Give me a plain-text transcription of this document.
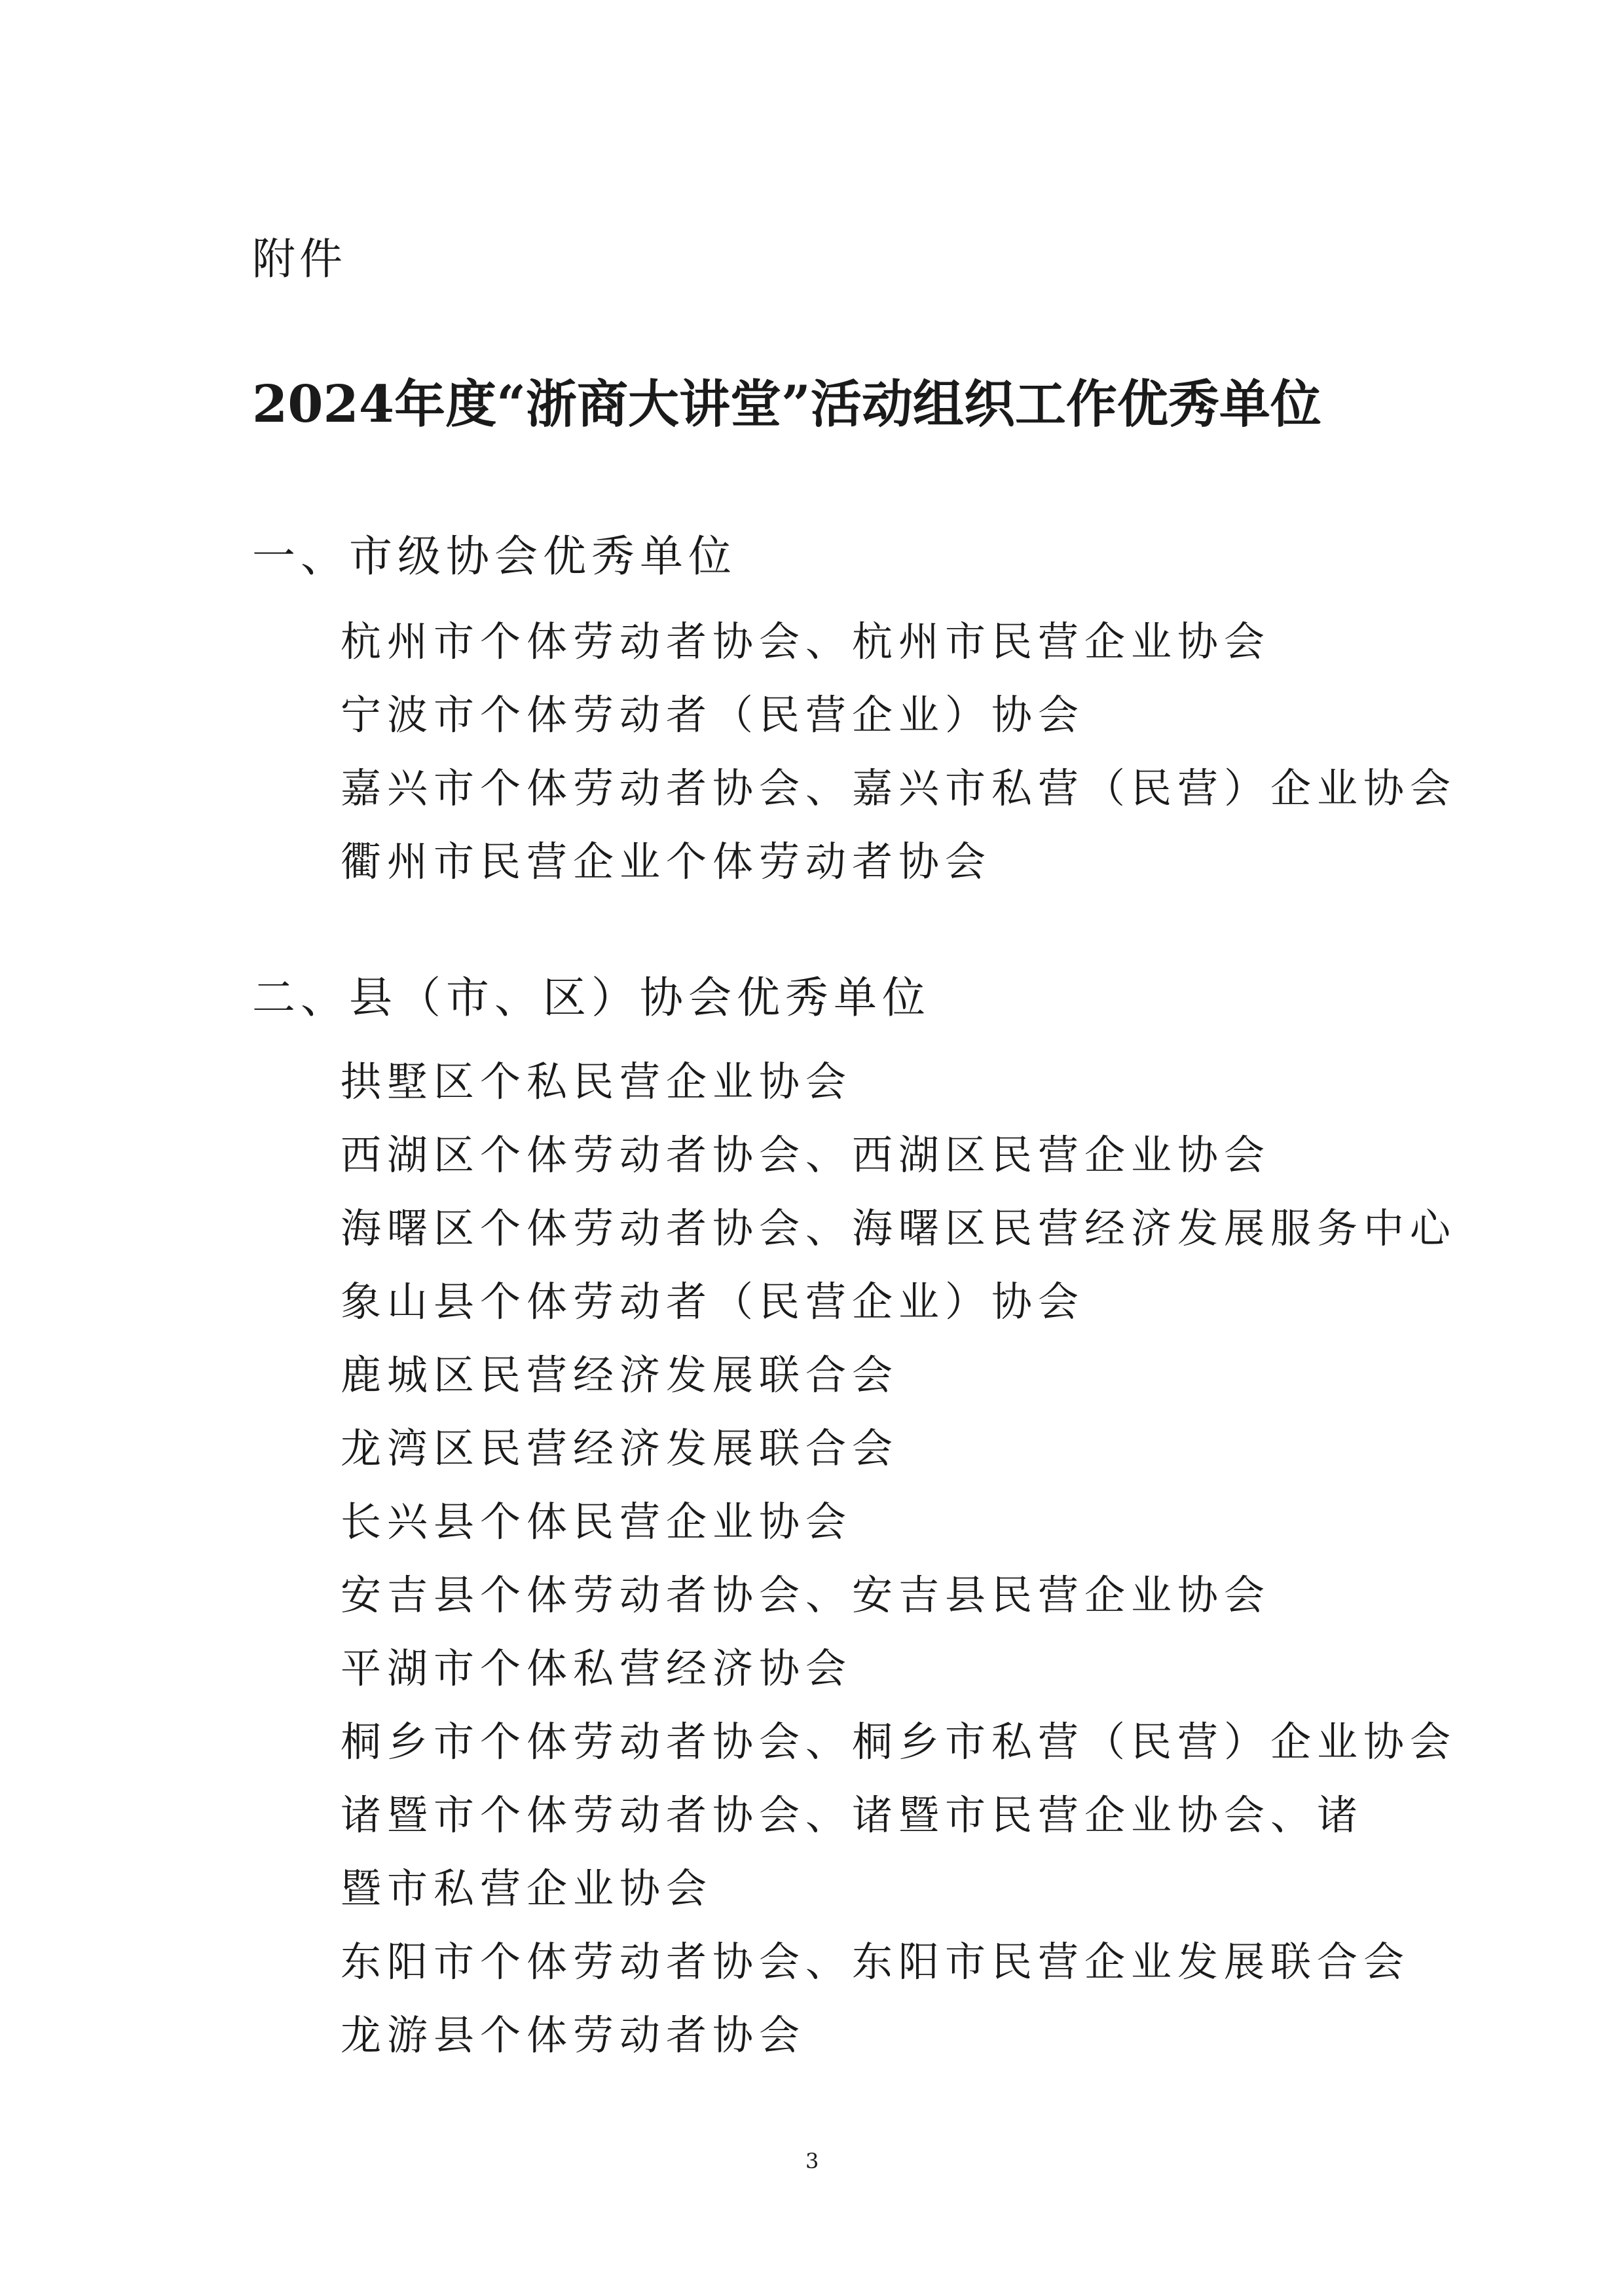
附件
2024年度“浙商大讲堂”活动组织工作优秀单位
一、市级协会优秀单位
杭州市个体劳动者协会、杭州市民营企业协会
宁波市个体劳动者（民营企业）协会
嘉兴市个体劳动者协会、嘉兴市私营（民营）企业协会
衢州市民营企业个体劳动者协会
二、县（市、区）协会优秀单位
拱墅区个私民营企业协会
西湖区个体劳动者协会、西湖区民营企业协会
海曙区个体劳动者协会、海曙区民营经济发展服务中心
象山县个体劳动者（民营企业）协会
鹿城区民营经济发展联合会
龙湾区民营经济发展联合会
长兴县个体民营企业协会
安吉县个体劳动者协会、安吉县民营企业协会
平湖市个体私营经济协会
桐乡市个体劳动者协会、桐乡市私营（民营）企业协会
诸暨市个体劳动者协会、诸暨市民营企业协会、诸暨市私营企业协会
东阳市个体劳动者协会、东阳市民营企业发展联合会
龙游县个体劳动者协会
3
